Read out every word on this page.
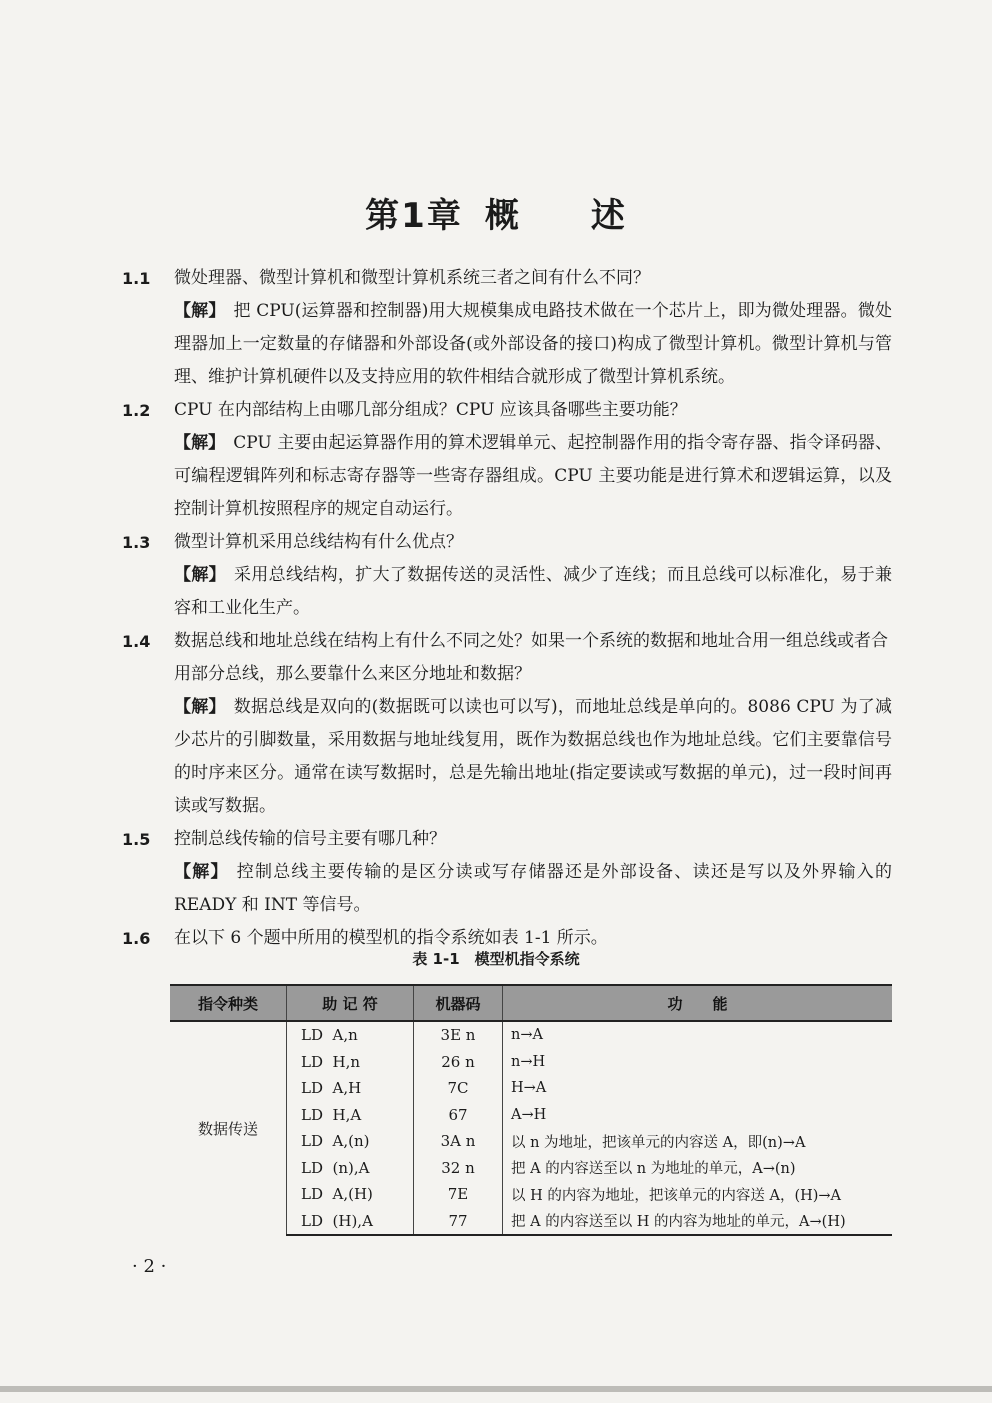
第1章 概 述
1.1	微处理器、微型计算机和微型计算机系统三者之间有什么不同？
【解】 把 CPU(运算器和控制器)用大规模集成电路技术做在一个芯片上，即为微处理器。微处理器加上一定数量的存储器和外部设备(或外部设备的接口)构成了微型计算机。微型计算机与管理、维护计算机硬件以及支持应用的软件相结合就形成了微型计算机系统。
1.2	CPU 在内部结构上由哪几部分组成？CPU 应该具备哪些主要功能？
【解】 CPU 主要由起运算器作用的算术逻辑单元、起控制器作用的指令寄存器、指令译码器、可编程逻辑阵列和标志寄存器等一些寄存器组成。CPU 主要功能是进行算术和逻辑运算，以及控制计算机按照程序的规定自动运行。
1.3	微型计算机采用总线结构有什么优点？
【解】 采用总线结构，扩大了数据传送的灵活性、减少了连线；而且总线可以标准化，易于兼容和工业化生产。
1.4	数据总线和地址总线在结构上有什么不同之处？如果一个系统的数据和地址合用一组总线或者合用部分总线，那么要靠什么来区分地址和数据？
【解】 数据总线是双向的(数据既可以读也可以写)，而地址总线是单向的。8086 CPU 为了减少芯片的引脚数量，采用数据与地址线复用，既作为数据总线也作为地址总线。它们主要靠信号的时序来区分。通常在读写数据时，总是先输出地址(指定要读或写数据的单元)，过一段时间再读或写数据。
1.5	控制总线传输的信号主要有哪几种？
【解】 控制总线主要传输的是区分读或写存储器还是外部设备、读还是写以及外界输入的 READY 和 INT 等信号。
1.6	在以下 6 个题中所用的模型机的指令系统如表 1-1 所示。
表 1-1　模型机指令系统
指令种类	助 记 符	机器码	功　　能
数据传送	LD  A,n	3E n	n→A
	LD  H,n	26 n	n→H
	LD  A,H	7C	H→A
	LD  H,A	67	A→H
	LD  A,(n)	3A n	以 n 为地址，把该单元的内容送 A，即(n)→A
	LD  (n),A	32 n	把 A 的内容送至以 n 为地址的单元，A→(n)
	LD  A,(H)	7E	以 H 的内容为地址，把该单元的内容送 A，(H)→A
	LD  (H),A	77	把 A 的内容送至以 H 的内容为地址的单元，A→(H)
· 2 ·
